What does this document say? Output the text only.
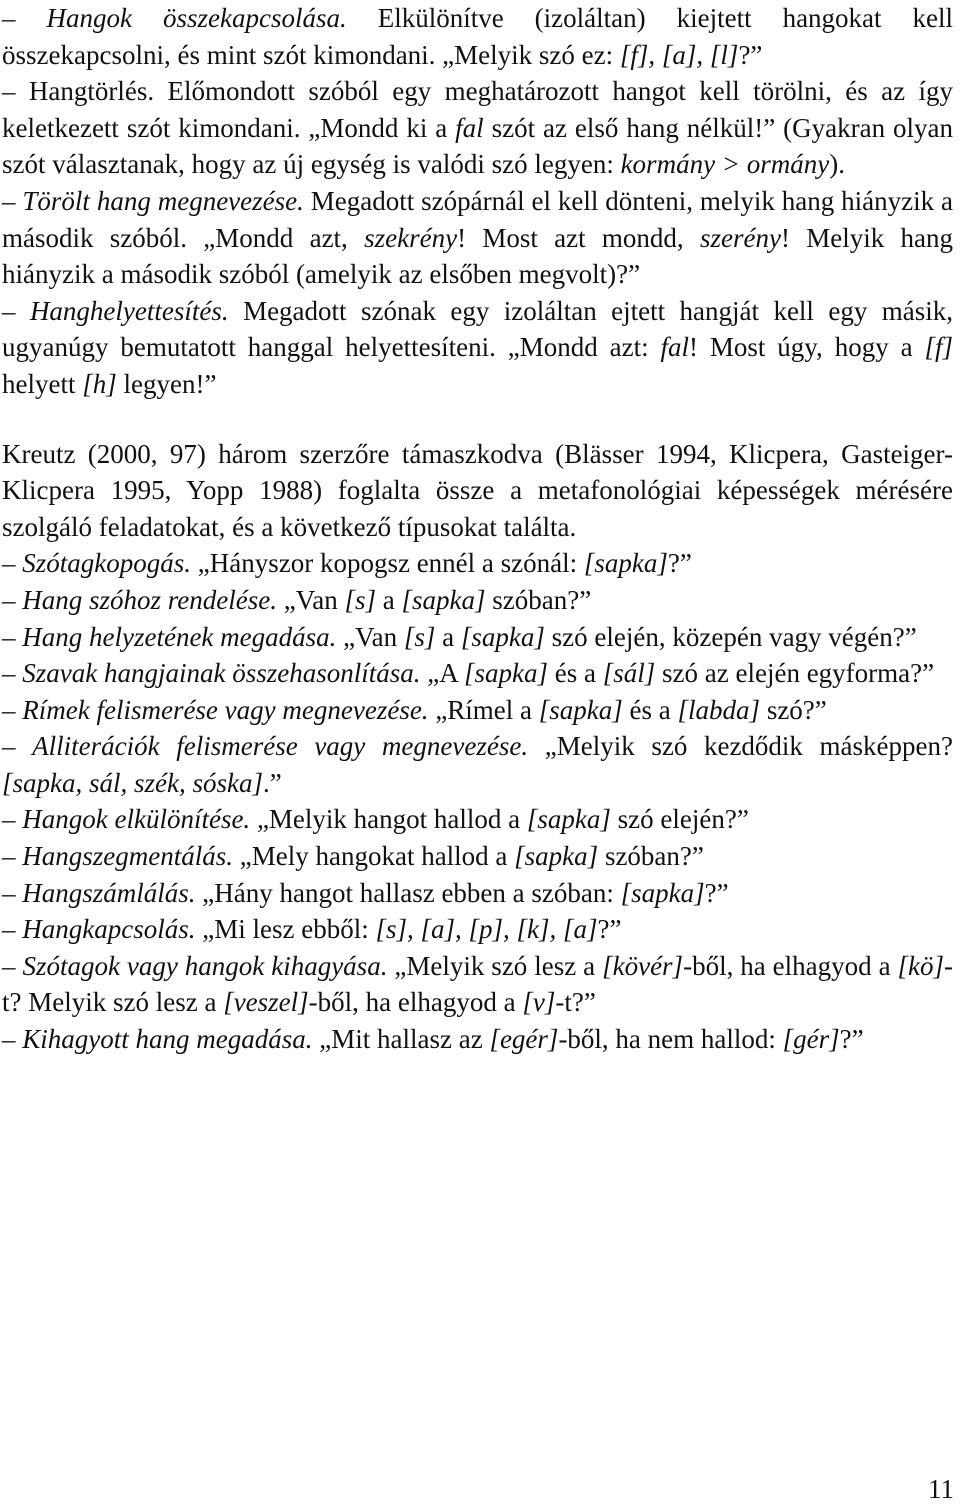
– Hangok összekapcsolása. Elkülönítve (izoláltan) kiejtett hangokat kell összekapcsolni, és mint szót kimondani. „Melyik szó ez: [f], [a], [l]?”

– Hangtörlés. Előmondott szóból egy meghatározott hangot kell törölni, és az így keletkezett szót kimondani. „Mondd ki a fal szót az első hang nélkül!” (Gyakran olyan szót választanak, hogy az új egység is valódi szó legyen: kormány > ormány).

– Törölt hang megnevezése. Megadott szópárnál el kell dönteni, melyik hang hiányzik a második szóból. „Mondd azt, szekrény! Most azt mondd, szerény! Melyik hang hiányzik a második szóból (amelyik az elsőben megvolt)?”

– Hanghelyettesítés. Megadott szónak egy izoláltan ejtett hangját kell egy másik, ugyanúgy bemutatott hanggal helyettesíteni. „Mondd azt: fal! Most úgy, hogy a [f] helyett [h] legyen!”

Kreutz (2000, 97) három szerzőre támaszkodva (Blässer 1994, Klicpera, Gasteiger-Klicpera 1995, Yopp 1988) foglalta össze a metafonológiai képességek mérésére szolgáló feladatokat, és a következő típusokat találta.

– Szótagkopogás. „Hányszor kopogsz ennél a szónál: [sapka]?”

– Hang szóhoz rendelése. „Van [s] a [sapka] szóban?”

– Hang helyzetének megadása. „Van [s] a [sapka] szó elején, közepén vagy végén?”

– Szavak hangjainak összehasonlítása. „A [sapka] és a [sál] szó az elején egyforma?”

– Rímek felismerése vagy megnevezése. „Rímel a [sapka] és a [labda] szó?”

– Alliterációk felismerése vagy megnevezése. „Melyik szó kezdődik másképpen? [sapka, sál, szék, sóska].”

– Hangok elkülönítése. „Melyik hangot hallod a [sapka] szó elején?”

– Hangszegmentálás. „Mely hangokat hallod a [sapka] szóban?”

– Hangszámlálás. „Hány hangot hallasz ebben a szóban: [sapka]?”

– Hangkapcsolás. „Mi lesz ebből: [s], [a], [p], [k], [a]?”

– Szótagok vagy hangok kihagyása. „Melyik szó lesz a [kövér]-ből, ha elhagyod a [kö]-t? Melyik szó lesz a [veszel]-ből, ha elhagyod a [v]-t?”

– Kihagyott hang megadása. „Mit hallasz az [egér]-ből, ha nem hallod: [gér]?”

11
